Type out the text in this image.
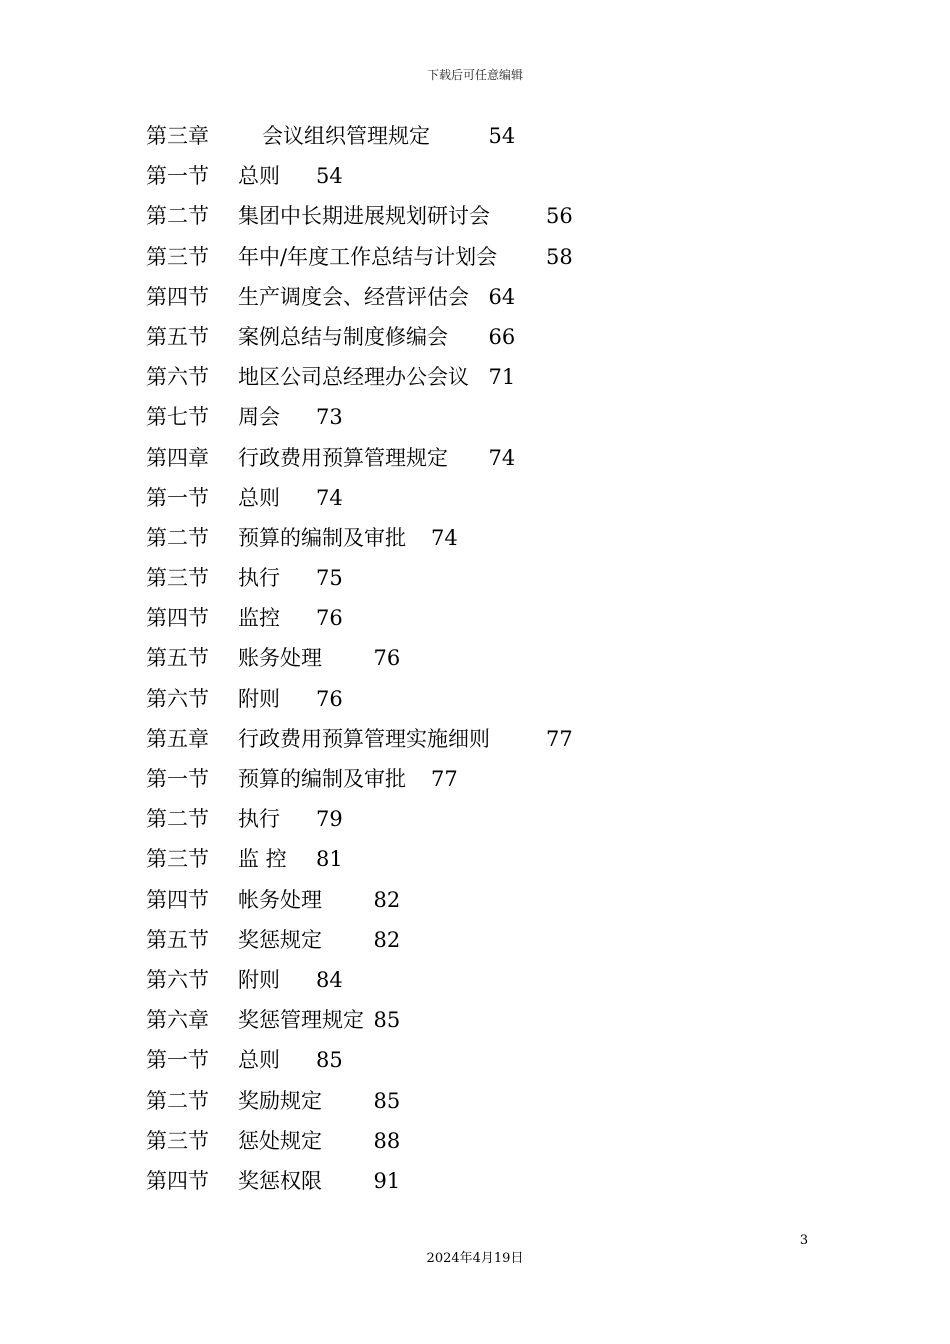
下载后可任意编辑
第三章	会议组织管理规定	54
第一节 总则 54
第二节 集团中长期进展规划研讨会	56
第三节 年中/年度工作总结与计划会 58
第四节 生产调度会、经营评估会 64
第五节 案例总结与制度修编会 66
第六节 地区公司总经理办公会议 71
第七节 周会 73
第四章 行政费用预算管理规定 74
第一节 总则 74
第二节 预算的编制及审批 74
第三节 执行 75
第四节 监控 76
第五节 账务处理 76
第六节 附则 76
第五章 行政费用预算管理实施细则	77
第一节 预算的编制及审批 77
第二节 执行 79
第三节 监 控 81
第四节 帐务处理 82
第五节 奖惩规定 82
第六节 附则 84
第六章 奖惩管理规定 85
第一节 总则 85
第二节 奖励规定 85
第三节 惩处规定 88
第四节 奖惩权限 91
3
2024年4月19日
